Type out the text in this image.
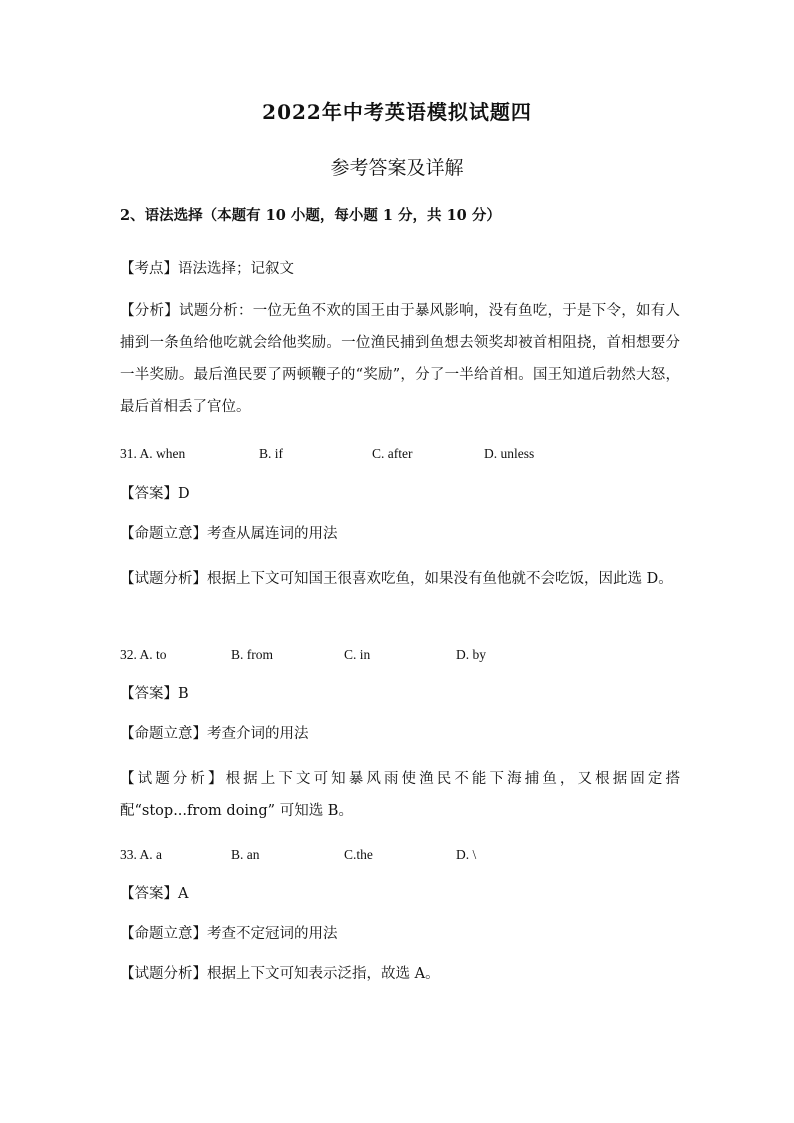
2022年中考英语模拟试题四
参考答案及详解
2、语法选择（本题有 10 小题，每小题 1 分，共 10 分）
【考点】语法选择；记叙文
【分析】试题分析：一位无鱼不欢的国王由于暴风影响，没有鱼吃，于是下令，如有人捕到一条鱼给他吃就会给他奖励。一位渔民捕到鱼想去领奖却被首相阻挠，首相想要分一半奖励。最后渔民要了两顿鞭子的“奖励”，分了一半给首相。国王知道后勃然大怒，最后首相丢了官位。
31. A. when	B. if	C. after	D. unless
【答案】D
【命题立意】考查从属连词的用法
【试题分析】根据上下文可知国王很喜欢吃鱼，如果没有鱼他就不会吃饭，因此选 D。
32. A. to	B. from	C. in	D. by
【答案】B
【命题立意】考查介词的用法
【试题分析】根据上下文可知暴风雨使渔民不能下海捕鱼，又根据固定搭配“stop...from doing” 可知选 B。
33. A. a	B. an	C.the	D. \
【答案】A
【命题立意】考查不定冠词的用法
【试题分析】根据上下文可知表示泛指，故选 A。
